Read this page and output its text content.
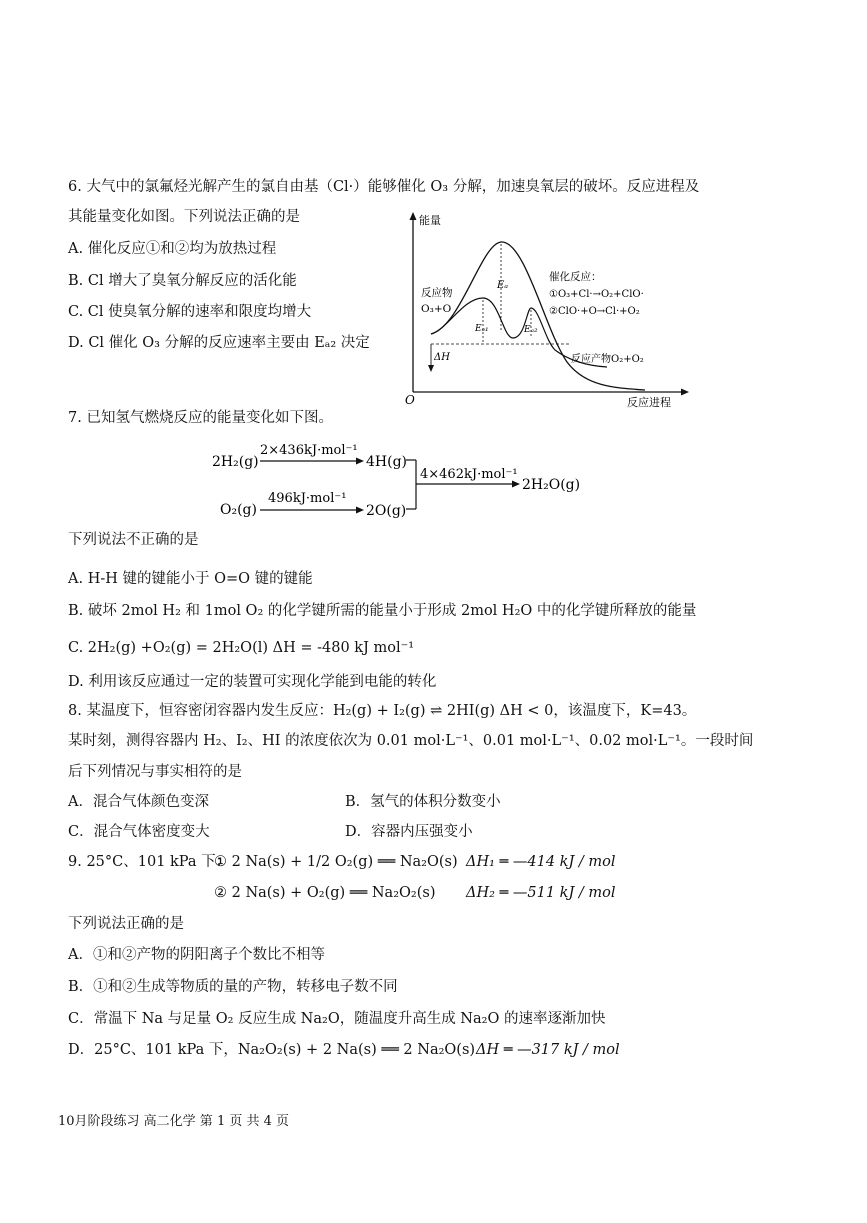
6. 大气中的氯氟烃光解产生的氯自由基（Cl·）能够催化 O₃ 分解，加速臭氧层的破坏。反应进程及
其能量变化如图。下列说法正确的是
A. 催化反应①和②均为放热过程
B. Cl 增大了臭氧分解反应的活化能
C. Cl 使臭氧分解的速率和限度均增大
D. Cl 催化 O₃ 分解的反应速率主要由 Eₐ₂ 决定
能量
反应进程
O
ΔH
Eₐ
Eₐ₁	Eₐ₂
反应物
O₃+O
催化反应：
①O₃+Cl·→O₂+ClO·
②ClO·+O→Cl·+O₂
反应产物O₂+O₂
7. 已知氢气燃烧反应的能量变化如下图。
2H₂(g)
2×436kJ·mol⁻¹
4H(g)
O₂(g)
496kJ·mol⁻¹
2O(g)
4×462kJ·mol⁻¹
2H₂O(g)
下列说法不正确的是
A. H-H 键的键能小于 O=O 键的键能
B. 破坏 2mol H₂ 和 1mol O₂ 的化学键所需的能量小于形成 2mol H₂O 中的化学键所释放的能量
C. 2H₂(g) +O₂(g) = 2H₂O(l) ΔH = -480 kJ mol⁻¹
D. 利用该反应通过一定的装置可实现化学能到电能的转化
8. 某温度下，恒容密闭容器内发生反应：H₂(g) + I₂(g) ⇌ 2HI(g) ΔH < 0，该温度下，K=43。
某时刻，测得容器内 H₂、I₂、HI 的浓度依次为 0.01 mol·L⁻¹、0.01 mol·L⁻¹、0.02 mol·L⁻¹。一段时间
后下列情况与事实相符的是
A．混合气体颜色变深	B．氢气的体积分数变小
C．混合气体密度变大	D．容器内压强变小
9. 25°C、101 kPa 下：
① 2 Na(s) + 1/2 O₂(g) ══ Na₂O(s) ΔH₁ ═ —414 kJ / mol
② 2 Na(s) + O₂(g) ══ Na₂O₂(s) ΔH₂ ═ —511 kJ / mol
下列说法正确的是
A．①和②产物的阴阳离子个数比不相等
B．①和②生成等物质的量的产物，转移电子数不同
C．常温下 Na 与足量 O₂ 反应生成 Na₂O，随温度升高生成 Na₂O 的速率逐渐加快
D．25°C、101 kPa 下，Na₂O₂(s) + 2 Na(s) ══ 2 Na₂O(s) ΔH ═ —317 kJ / mol
10月阶段练习 高二化学 第 1 页 共 4 页
